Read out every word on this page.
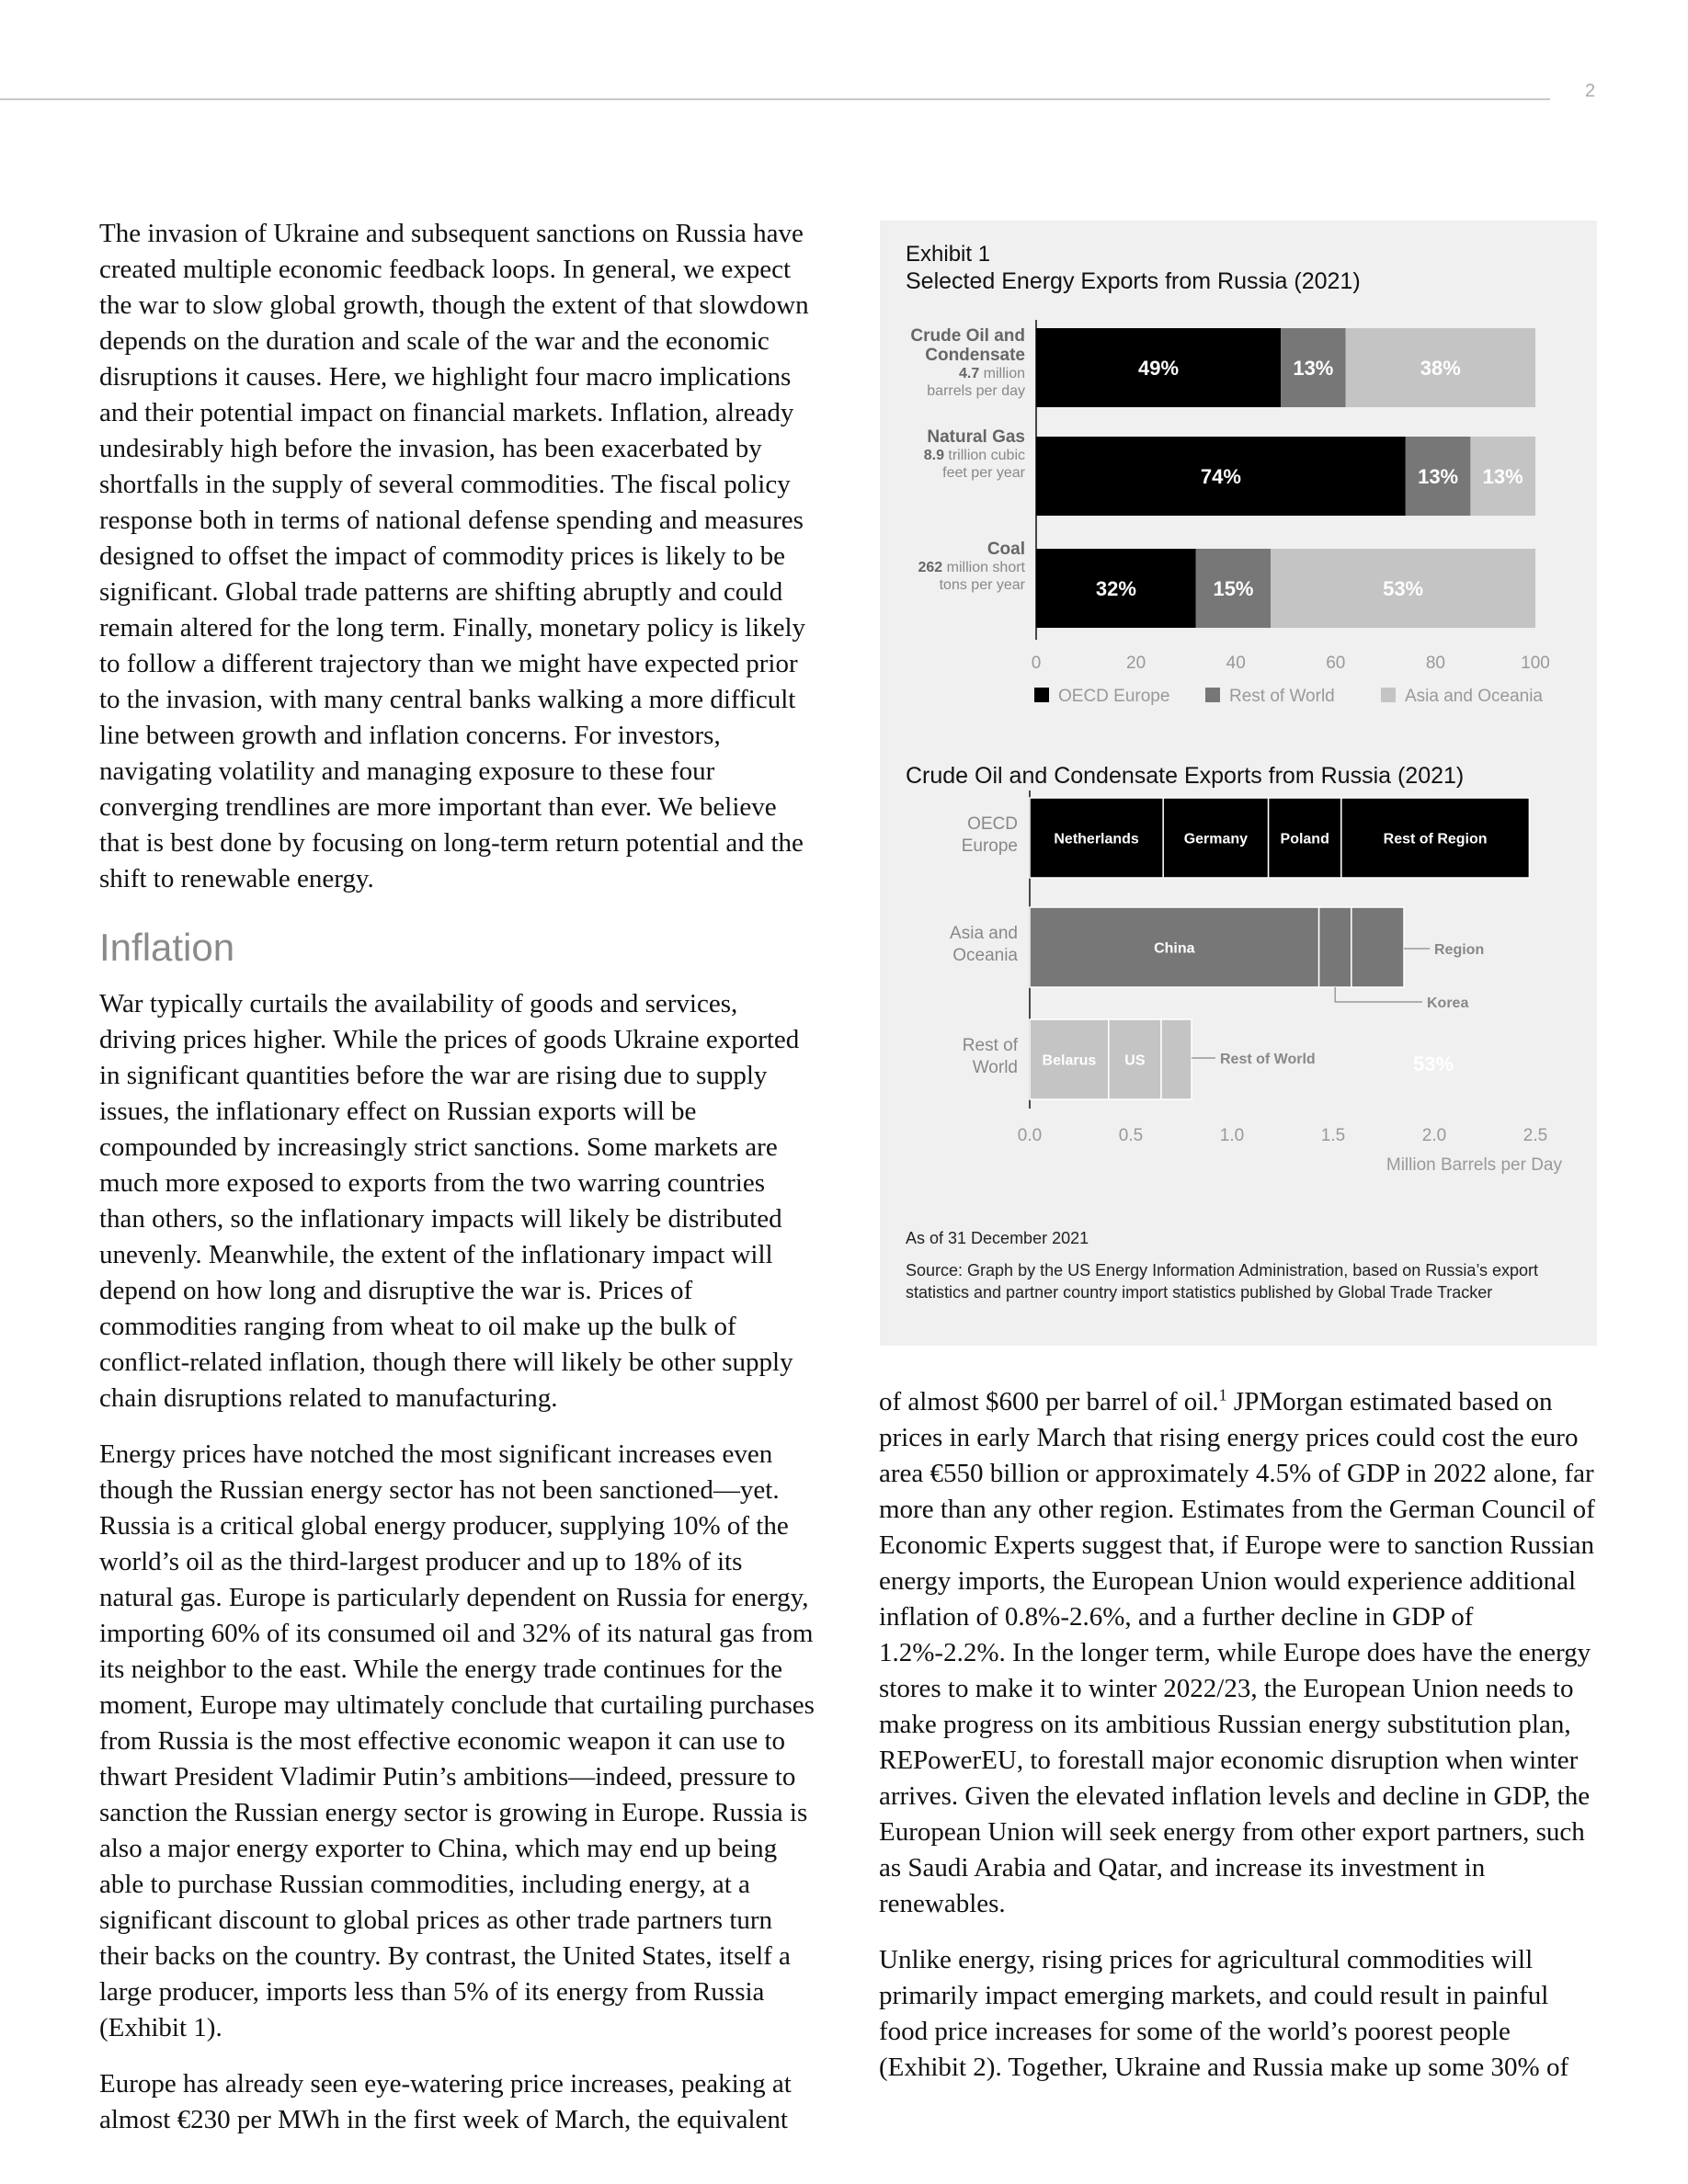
2

The invasion of Ukraine and subsequent sanctions on Russia have created multiple economic feedback loops. In general, we expect the war to slow global growth, though the extent of that slowdown depends on the duration and scale of the war and the economic disruptions it causes. Here, we highlight four macro implications and their potential impact on financial markets. Inflation, already undesirably high before the invasion, has been exacerbated by shortfalls in the supply of several commodities. The fiscal policy response both in terms of national defense spending and measures designed to offset the impact of commodity prices is likely to be significant. Global trade patterns are shifting abruptly and could remain altered for the long term. Finally, monetary policy is likely to follow a different trajectory than we might have expected prior to the invasion, with many central banks walking a more difficult line between growth and inflation concerns. For investors, navigating volatility and managing exposure to these four converging trendlines are more important than ever. We believe that is best done by focusing on long-term return potential and the shift to renewable energy.

Inflation

War typically curtails the availability of goods and services, driving prices higher. While the prices of goods Ukraine exported in significant quantities before the war are rising due to supply issues, the inflationary effect on Russian exports will be compounded by increasingly strict sanctions. Some markets are much more exposed to exports from the two warring countries than others, so the inflationary impacts will likely be distributed unevenly. Meanwhile, the extent of the inflationary impact will depend on how long and disruptive the war is. Prices of commodities ranging from wheat to oil make up the bulk of conflict-related inflation, though there will likely be other supply chain disruptions related to manufacturing.

Energy prices have notched the most significant increases even though the Russian energy sector has not been sanctioned—yet. Russia is a critical global energy producer, supplying 10% of the world’s oil as the third-largest producer and up to 18% of its natural gas. Europe is particularly dependent on Russia for energy, importing 60% of its consumed oil and 32% of its natural gas from its neighbor to the east. While the energy trade continues for the moment, Europe may ultimately conclude that curtailing purchases from Russia is the most effective economic weapon it can use to thwart President Vladimir Putin’s ambitions—indeed, pressure to sanction the Russian energy sector is growing in Europe. Russia is also a major energy exporter to China, which may end up being able to purchase Russian commodities, including energy, at a significant discount to global prices as other trade partners turn their backs on the country. By contrast, the United States, itself a large producer, imports less than 5% of its energy from Russia (Exhibit 1).

Europe has already seen eye-watering price increases, peaking at almost €230 per MWh in the first week of March, the equivalent

of almost $600 per barrel of oil.$^1$ JPMorgan estimated based on prices in early March that rising energy prices could cost the euro area €550 billion or approximately 4.5% of GDP in 2022 alone, far more than any other region. Estimates from the German Council of Economic Experts suggest that, if Europe were to sanction Russian energy imports, the European Union would experience additional inflation of 0.8%-2.6%, and a further decline in GDP of 1.2%-2.2%. In the longer term, while Europe does have the energy stores to make it to winter 2022/23, the European Union needs to make progress on its ambitious Russian energy substitution plan, REPowerEU, to forestall major economic disruption when winter arrives. Given the elevated inflation levels and decline in GDP, the European Union will seek energy from other export partners, such as Saudi Arabia and Qatar, and increase its investment in renewables.

Unlike energy, rising prices for agricultural commodities will primarily impact emerging markets, and could result in painful food price increases for some of the world’s poorest people (Exhibit 2). Together, Ukraine and Russia make up some 30% of

Exhibit 1
Selected Energy Exports from Russia (2021)
49%	13%	38%
Crude Oil and
Condensate
4.7 million
barrels per day
74%	13% 13%
Natural Gas
8.9 trillion cubic
feet per year
32%	15%	53%
Coal
262 million short
tons per year
0	20	40	60	80	100
OECD Europe	Rest of World	Asia and Oceania
Crude Oil and Condensate Exports from Russia (2021)
Netherlands	Germany Poland	Rest of Region
OECD
Europe
China
Asia and
Oceania
Belarus US
Rest of
World
Region
Korea
Rest of World	53%
0.0	0.5	1.0	1.5	2.0	2.5
Million Barrels per Day
As of 31 December 2021
Source: Graph by the US Energy Information Administration, based on Russia’s export statistics and partner country import statistics published by Global Trade Tracker
